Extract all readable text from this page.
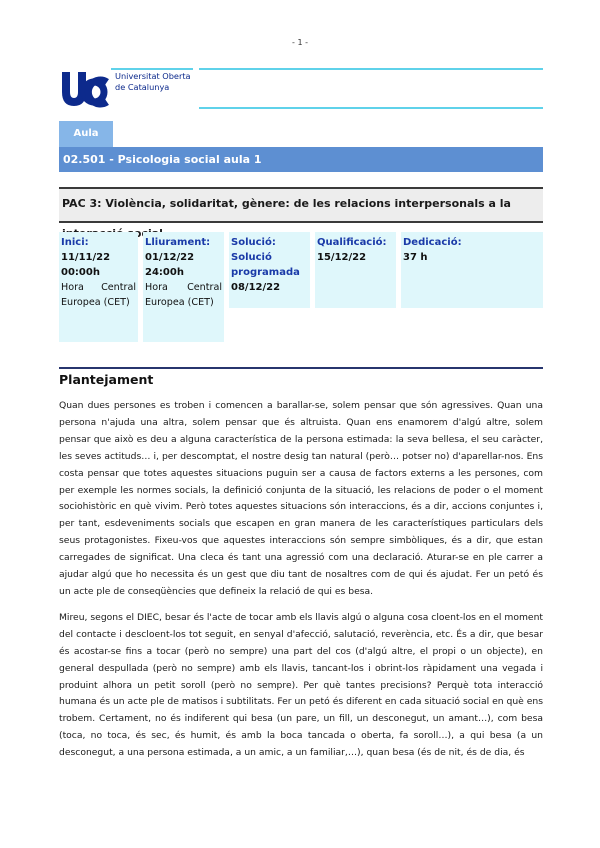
- 1 -
Universitat Oberta
de Catalunya
Aula
02.501 - Psicologia social aula 1
PAC 3: Violència, solidaritat, gènere: de les relacions interpersonals a la
Inici:
11/11/22
00:00h
Hora Central Europea (CET)
Lliurament:
01/12/22
24:00h
Hora Central Europea (CET)
Solució: Solució programada
08/12/22
Qualificació:
15/12/22
Dedicació:
37 h
Plantejament

Quan dues persones es troben i comencen a barallar-se, solem pensar que són agressives. Quan una persona n'ajuda una altra, solem pensar que és altruista. Quan ens enamorem d'algú altre, solem pensar que això es deu a alguna característica de la persona estimada: la seva bellesa, el seu caràcter, les seves actituds… i, per descomptat, el nostre desig tan natural (però… potser no) d'aparellar-nos. Ens costa pensar que totes aquestes situacions puguin ser a causa de factors externs a les persones, com per exemple les normes socials, la definició conjunta de la situació, les relacions de poder o el moment sociohistòric en què vivim. Però totes aquestes situacions són interaccions, és a dir, accions conjuntes i, per tant, esdeveniments socials que escapen en gran manera de les característiques particulars dels seus protagonistes. Fixeu-vos que aquestes interaccions són sempre simbòliques, és a dir, que estan carregades de significat. Una cleca és tant una agressió com una declaració. Aturar-se en ple carrer a ajudar algú que ho necessita és un gest que diu tant de nosaltres com de qui és ajudat. Fer un petó és un acte ple de conseqüències que defineix la relació de qui es besa.

Mireu, segons el DIEC, besar és l'acte de tocar amb els llavis algú o alguna cosa cloent-los en el moment del contacte i descloent-los tot seguit, en senyal d'afecció, salutació, reverència, etc. És a dir, que besar és acostar-se fins a tocar (però no sempre) una part del cos (d'algú altre, el propi o un objecte), en general despullada (però no sempre) amb els llavis, tancant-los i obrint-los ràpidament una vegada i produint alhora un petit soroll (però no sempre). Per què tantes precisions? Perquè tota interacció humana és un acte ple de matisos i subtilitats. Fer un petó és diferent en cada situació social en què ens trobem. Certament, no és indiferent qui besa (un pare, un fill, un desconegut, un amant…), com besa (toca, no toca, és sec, és humit, és amb la boca tancada o oberta, fa soroll…), a qui besa (a un desconegut, a una persona estimada, a un amic, a un familiar,…), quan besa (és de nit, és de dia, és
